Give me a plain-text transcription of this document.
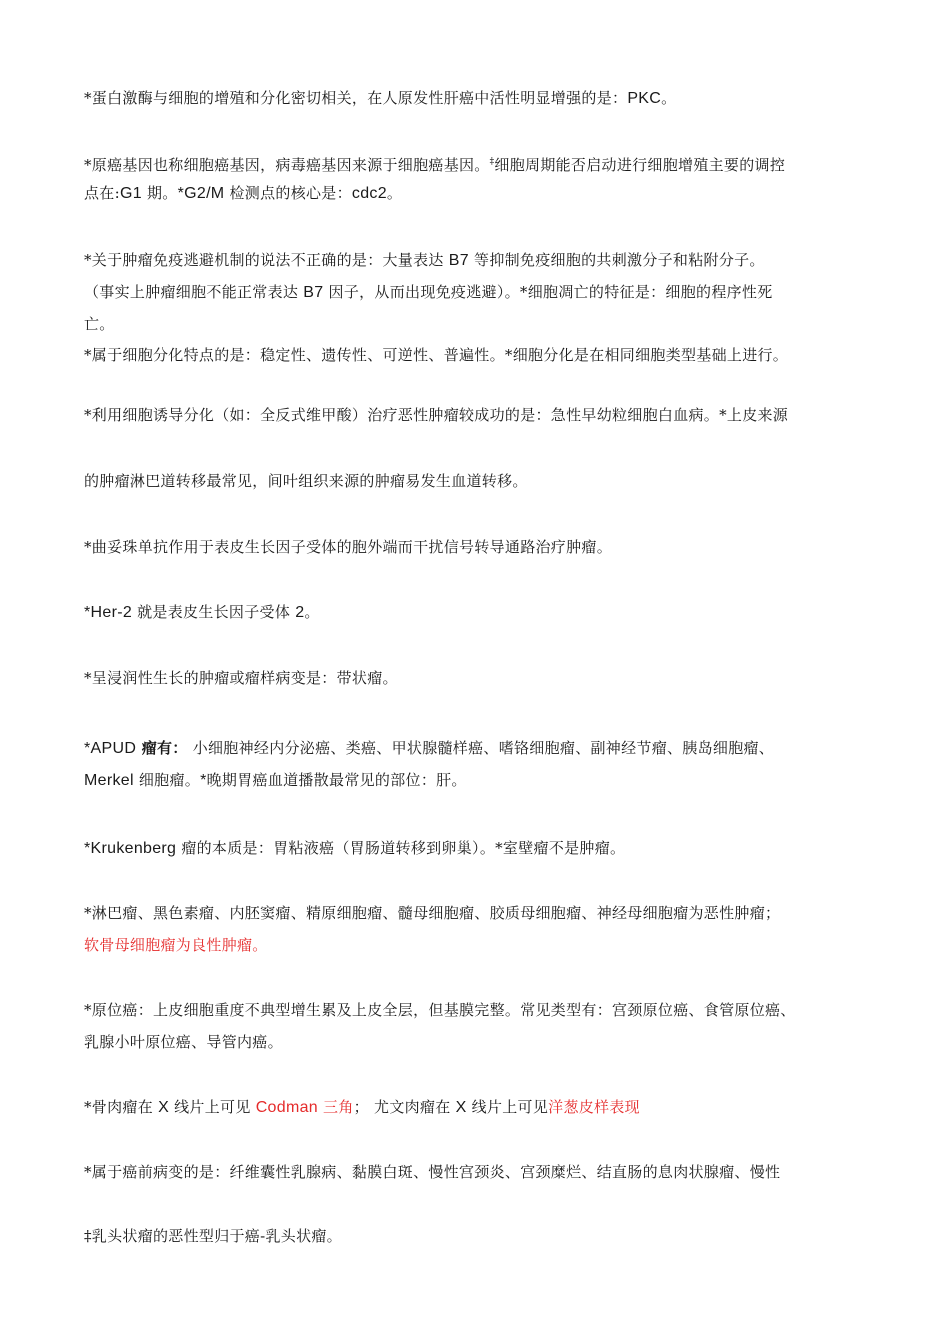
*蛋白激酶与细胞的增殖和分化密切相关，在人原发性肝癌中活性明显增强的是：PKC。
*原癌基因也称细胞癌基因，病毒癌基因来源于细胞癌基因。‡细胞周期能否启动进行细胞增殖主要的调控
点在:G1 期。*G2/M 检测点的核心是：cdc2。
*关于肿瘤免疫逃避机制的说法不正确的是：大量表达 B7 等抑制免疫细胞的共刺激分子和粘附分子。
（事实上肿瘤细胞不能正常表达 B7 因子，从而出现免疫逃避）。*细胞凋亡的特征是：细胞的程序性死
亡。
*属于细胞分化特点的是：稳定性、遗传性、可逆性、普遍性。*细胞分化是在相同细胞类型基础上进行。
*利用细胞诱导分化（如：全反式维甲酸）治疗恶性肿瘤较成功的是：急性早幼粒细胞白血病。*上皮来源
的肿瘤淋巴道转移最常见，间叶组织来源的肿瘤易发生血道转移。
*曲妥珠单抗作用于表皮生长因子受体的胞外端而干扰信号转导通路治疗肿瘤。
*Her-2 就是表皮生长因子受体 2。
*呈浸润性生长的肿瘤或瘤样病变是：带状瘤。
*APUD 瘤有： 小细胞神经内分泌癌、类癌、甲状腺髓样癌、嗜铬细胞瘤、副神经节瘤、胰岛细胞瘤、
Merkel 细胞瘤。*晚期胃癌血道播散最常见的部位：肝。
*Krukenberg 瘤的本质是：胃粘液癌（胃肠道转移到卵巢）。*室壁瘤不是肿瘤。
*淋巴瘤、黑色素瘤、内胚窦瘤、精原细胞瘤、髓母细胞瘤、胶质母细胞瘤、神经母细胞瘤为恶性肿瘤；
软骨母细胞瘤为良性肿瘤。
*原位癌：上皮细胞重度不典型增生累及上皮全层，但基膜完整。常见类型有：宫颈原位癌、食管原位癌、
乳腺小叶原位癌、导管内癌。
*骨肉瘤在 X 线片上可见 Codman 三角； 尤文肉瘤在 X 线片上可见洋葱皮样表现
*属于癌前病变的是：纤维囊性乳腺病、黏膜白斑、慢性宫颈炎、宫颈糜烂、结直肠的息肉状腺瘤、慢性
‡乳头状瘤的恶性型归于癌-乳头状瘤。
